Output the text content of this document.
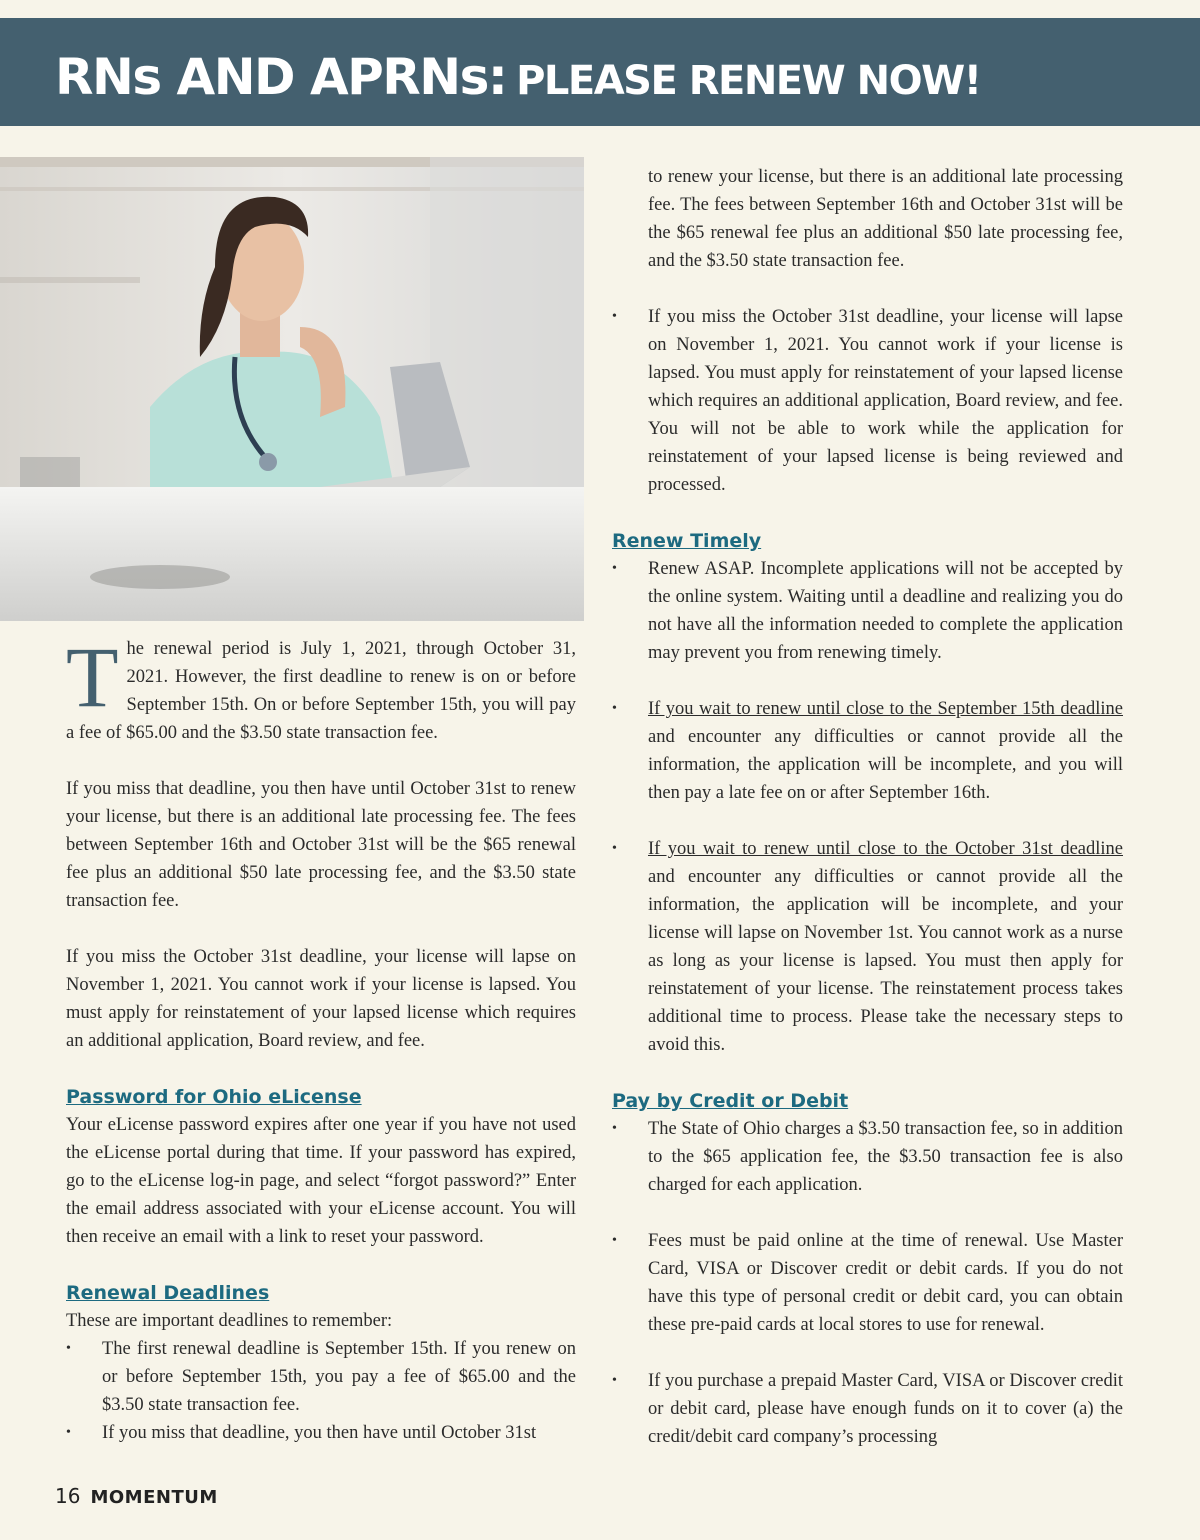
RNs AND APRNs: PLEASE RENEW NOW!

The renewal period is July 1, 2021, through October 31, 2021. However, the first deadline to renew is on or before September 15th. On or before September 15th, you will pay a fee of $65.00 and the $3.50 state transaction fee.

If you miss that deadline, you then have until October 31st to renew your license, but there is an additional late processing fee. The fees between September 16th and October 31st will be the $65 renewal fee plus an additional $50 late processing fee, and the $3.50 state transaction fee.

If you miss the October 31st deadline, your license will lapse on November 1, 2021. You cannot work if your license is lapsed. You must apply for reinstatement of your lapsed license which requires an additional application, Board review, and fee.

Password for Ohio eLicense

Your eLicense password expires after one year if you have not used the eLicense portal during that time. If your password has expired, go to the eLicense log-in page, and select “forgot password?” Enter the email address associated with your eLicense account. You will then receive an email with a link to reset your password.

Renewal Deadlines

These are important deadlines to remember:

• The first renewal deadline is September 15th. If you renew on or before September 15th, you pay a fee of $65.00 and the $3.50 state transaction fee.
• If you miss that deadline, you then have until October 31st
to renew your license, but there is an additional late processing fee. The fees between September 16th and October 31st will be the $65 renewal fee plus an additional $50 late processing fee, and the $3.50 state transaction fee.
• If you miss the October 31st deadline, your license will lapse on November 1, 2021. You cannot work if your license is lapsed. You must apply for reinstatement of your lapsed license which requires an additional application, Board review, and fee. You will not be able to work while the application for reinstatement of your lapsed license is being reviewed and processed.

Renew Timely

• Renew ASAP. Incomplete applications will not be accepted by the online system. Waiting until a deadline and realizing you do not have all the information needed to complete the application may prevent you from renewing timely.
• If you wait to renew until close to the September 15th deadline and encounter any difficulties or cannot provide all the information, the application will be incomplete, and you will then pay a late fee on or after September 16th.
• If you wait to renew until close to the October 31st deadline and encounter any difficulties or cannot provide all the information, the application will be incomplete, and your license will lapse on November 1st. You cannot work as a nurse as long as your license is lapsed. You must then apply for reinstatement of your license. The reinstatement process takes additional time to process. Please take the necessary steps to avoid this.

Pay by Credit or Debit

• The State of Ohio charges a $3.50 transaction fee, so in addition to the $65 application fee, the $3.50 transaction fee is also charged for each application.
• Fees must be paid online at the time of renewal. Use Master Card, VISA or Discover credit or debit cards. If you do not have this type of personal credit or debit card, you can obtain these pre-paid cards at local stores to use for renewal.
• If you purchase a prepaid Master Card, VISA or Discover credit or debit card, please have enough funds on it to cover (a) the credit/debit card company’s processing
16 MOMENTUM
